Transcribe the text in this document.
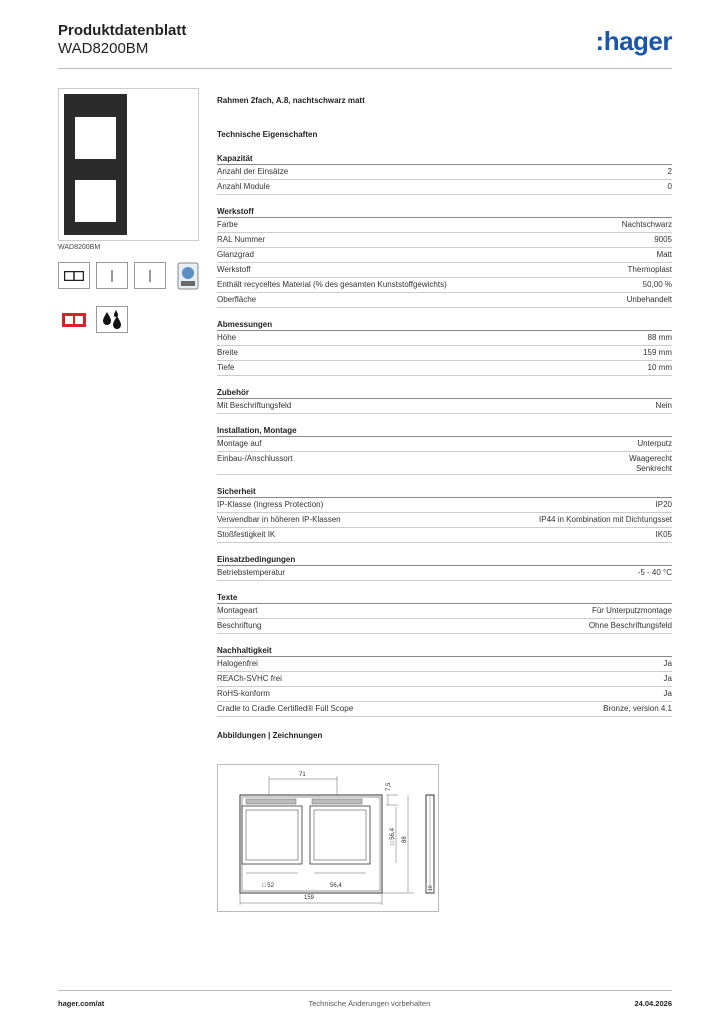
Produktdatenblatt
WAD8200BM	:hager
WAD8200BM
Rahmen 2fach, A.8, nachtschwarz matt
Technische Eigenschaften
Kapazität
Anzahl der Einsätze	2
Anzahl Module	0
Werkstoff
Farbe	Nachtschwarz
RAL Nummer	9005
Glanzgrad	Matt
Werkstoff	Thermoplast
Enthält recyceltes Material (% des gesamten Kunststoffgewichts)	50,00 %
Oberfläche	Unbehandelt
Abmessungen
Höhe	88 mm
Breite	159 mm
Tiefe	10 mm
Zubehör
Mit Beschriftungsfeld	Nein
Installation, Montage
Montage auf	Unterputz
Einbau-/Anschlussort	Waagerecht
Senkrecht
Sicherheit
IP-Klasse (Ingress Protection)	IP20
Verwendbar in höheren IP-Klassen	IP44 in Kombination mit Dichtungsset
Stoßfestigkeit IK	IK05
Einsatzbedingungen
Betriebstemperatur	-5 - 40 °C
Texte
Montageart	Für Unterputzmontage
Beschriftung	Ohne Beschriftungsfeld
Nachhaltigkeit
Halogenfrei	Ja
REACh-SVHC frei	Ja
RoHS-konform	Ja
Cradle to Cradle Certified® Full Scope	Bronze, version 4.1
Abbildungen | Zeichnungen
71
7,5
□ 56,4 88
□ 52	56,4
159
10
hager.com/at	Technische Änderungen vorbehalten	24.04.2026
